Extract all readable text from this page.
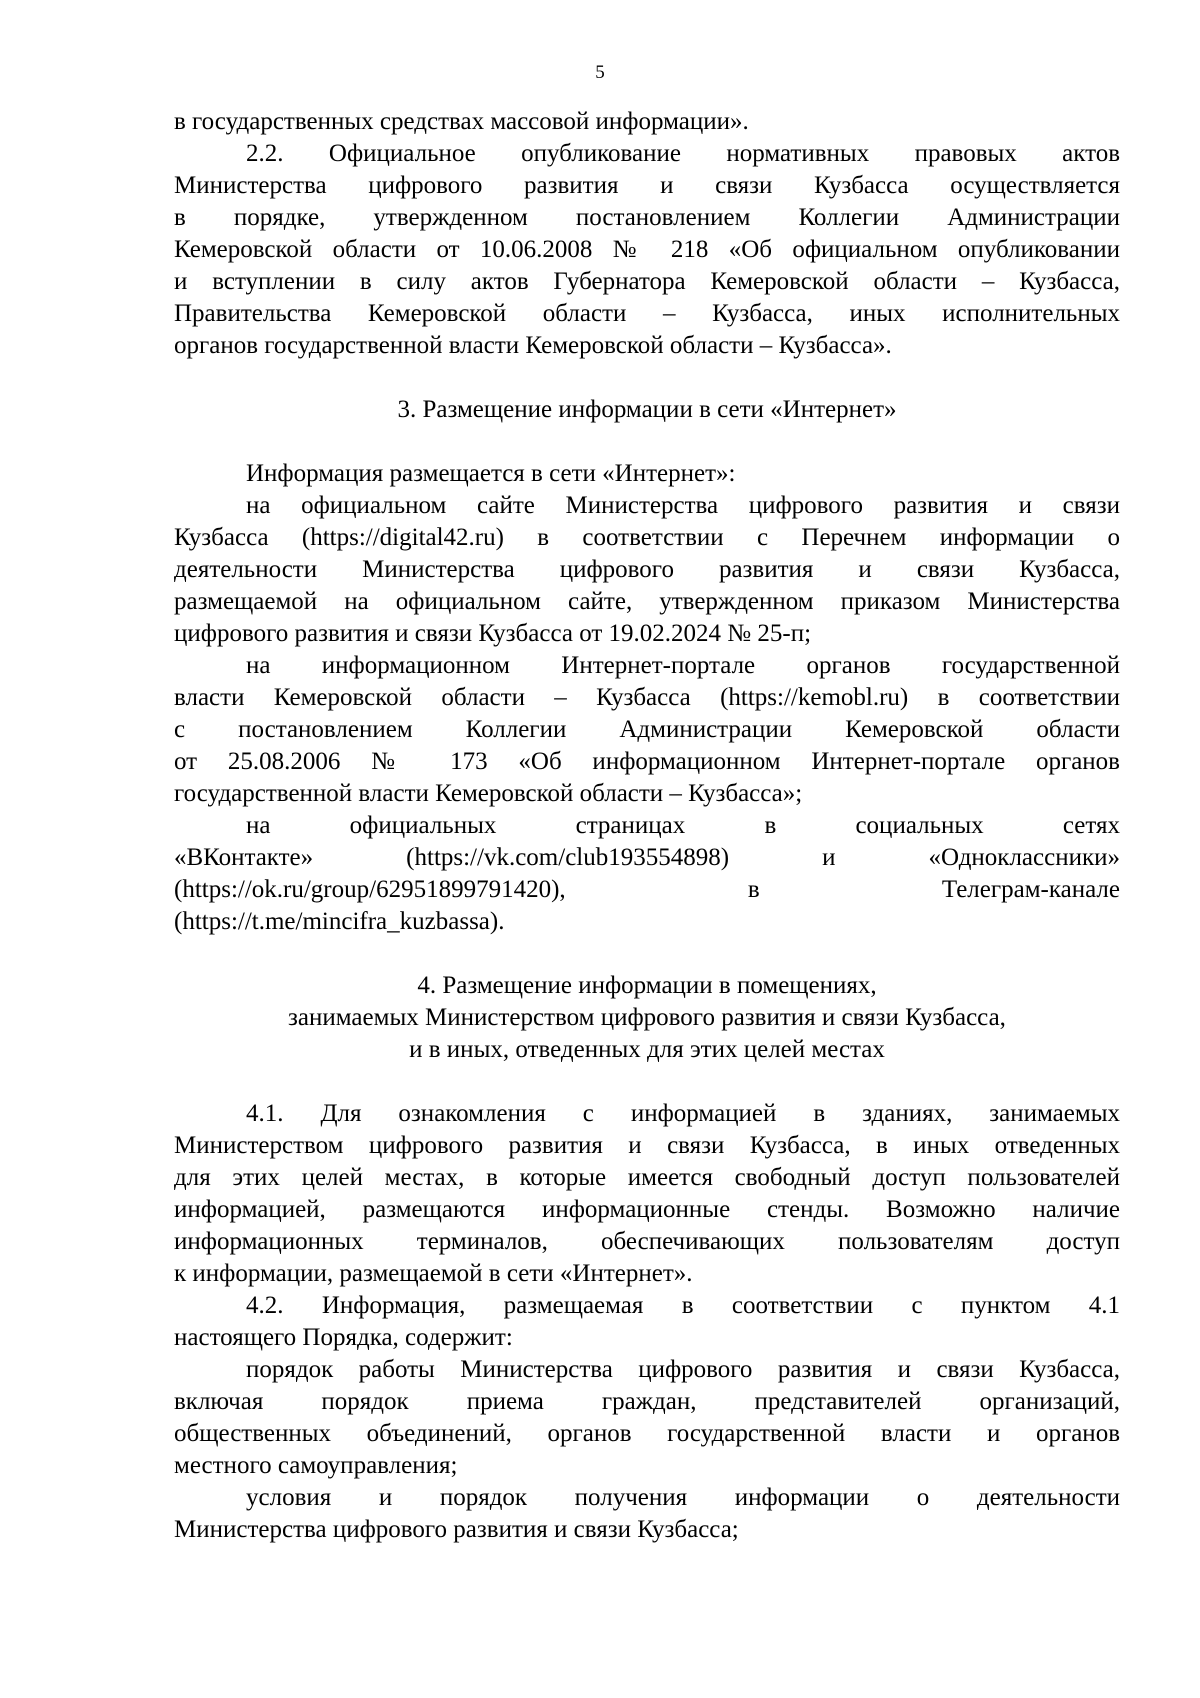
5
в государственных средствах массовой информации».
2.2. Официальное опубликование нормативных правовых актов
Министерства цифрового развития и связи Кузбасса осуществляется
в порядке, утвержденном постановлением Коллегии Администрации
Кемеровской области от 10.06.2008 № 218 «Об официальном опубликовании
и вступлении в силу актов Губернатора Кемеровской области – Кузбасса,
Правительства Кемеровской области – Кузбасса, иных исполнительных
органов государственной власти Кемеровской области – Кузбасса».
3. Размещение информации в сети «Интернет»
Информация размещается в сети «Интернет»:
на официальном сайте Министерства цифрового развития и связи
Кузбасса (https://digital42.ru) в соответствии с Перечнем информации о
деятельности Министерства цифрового развития и связи Кузбасса,
размещаемой на официальном сайте, утвержденном приказом Министерства
цифрового развития и связи Кузбасса от 19.02.2024 № 25-п;
на информационном Интернет-портале органов государственной
власти Кемеровской области – Кузбасса (https://kemobl.ru) в соответствии
с постановлением Коллегии Администрации Кемеровской области
от 25.08.2006 № 173 «Об информационном Интернет-портале органов
государственной власти Кемеровской области – Кузбасса»;
на официальных страницах в социальных сетях
«ВКонтакте» (https://vk.com/club193554898) и «Одноклассники»
(https://ok.ru/group/62951899791420), в Телеграм-канале
(https://t.me/mincifra_kuzbassa).
4. Размещение информации в помещениях,
занимаемых Министерством цифрового развития и связи Кузбасса,
и в иных, отведенных для этих целей местах
4.1. Для ознакомления с информацией в зданиях, занимаемых
Министерством цифрового развития и связи Кузбасса, в иных отведенных
для этих целей местах, в которые имеется свободный доступ пользователей
информацией, размещаются информационные стенды. Возможно наличие
информационных терминалов, обеспечивающих пользователям доступ
к информации, размещаемой в сети «Интернет».
4.2. Информация, размещаемая в соответствии с пунктом 4.1
настоящего Порядка, содержит:
порядок работы Министерства цифрового развития и связи Кузбасса,
включая порядок приема граждан, представителей организаций,
общественных объединений, органов государственной власти и органов
местного самоуправления;
условия и порядок получения информации о деятельности
Министерства цифрового развития и связи Кузбасса;
